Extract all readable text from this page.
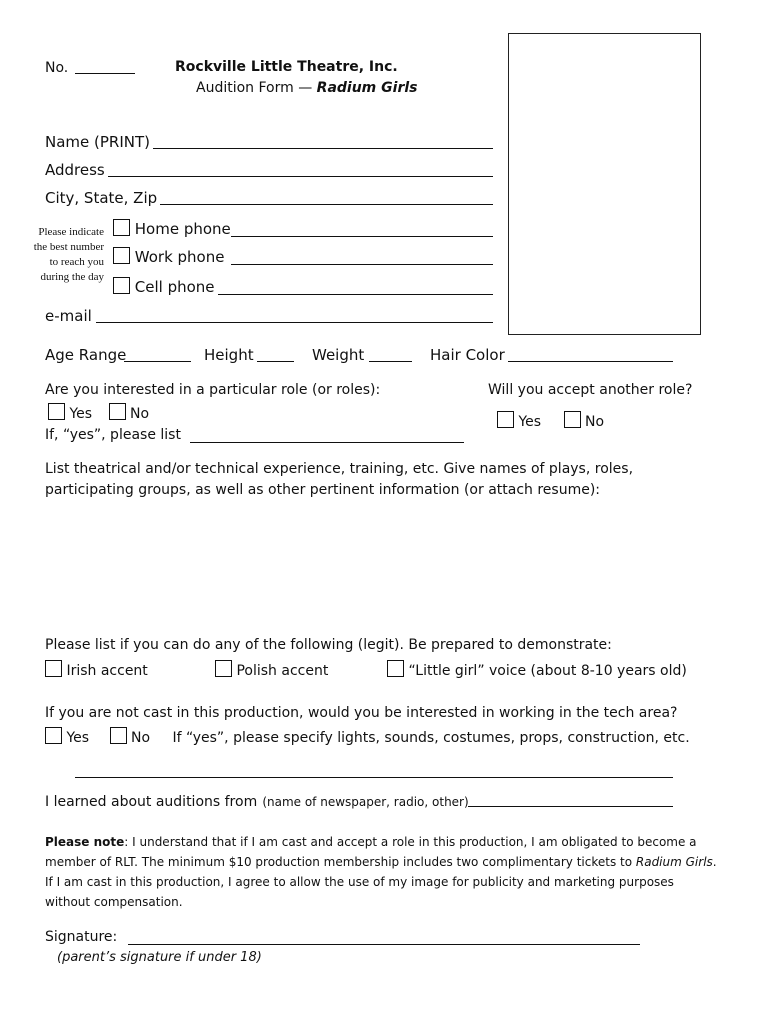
No.	Rockville Little Theatre, Inc.
Audition Form — Radium Girls
Name (PRINT)
Address
City, State, Zip
Please indicate
the best number
to reach you
during the day
Home phone
Work phone
Cell phone
e-mail
Age Range	Height	Weight	Hair Color
Are you interested in a particular role (or roles):
Yes	No
If, “yes”, please list
Will you accept another role?
Yes	No
List theatrical and/or technical experience, training, etc. Give names of plays, roles,
participating groups, as well as other pertinent information (or attach resume):
Please list if you can do any of the following (legit). Be prepared to demonstrate:
Irish accent	Polish accent	“Little girl” voice (about 8-10 years old)
If you are not cast in this production, would you be interested in working in the tech area?
Yes	No If “yes”, please specify lights, sounds, costumes, props, construction, etc.
I learned about auditions from (name of newspaper, radio, other)
Please note: I understand that if I am cast and accept a role in this production, I am obligated to become a member of RLT. The minimum $10 production membership includes two complimentary tickets to Radium Girls. If I am cast in this production, I agree to allow the use of my image for publicity and marketing purposes without compensation.
Signature:
(parent’s signature if under 18)
